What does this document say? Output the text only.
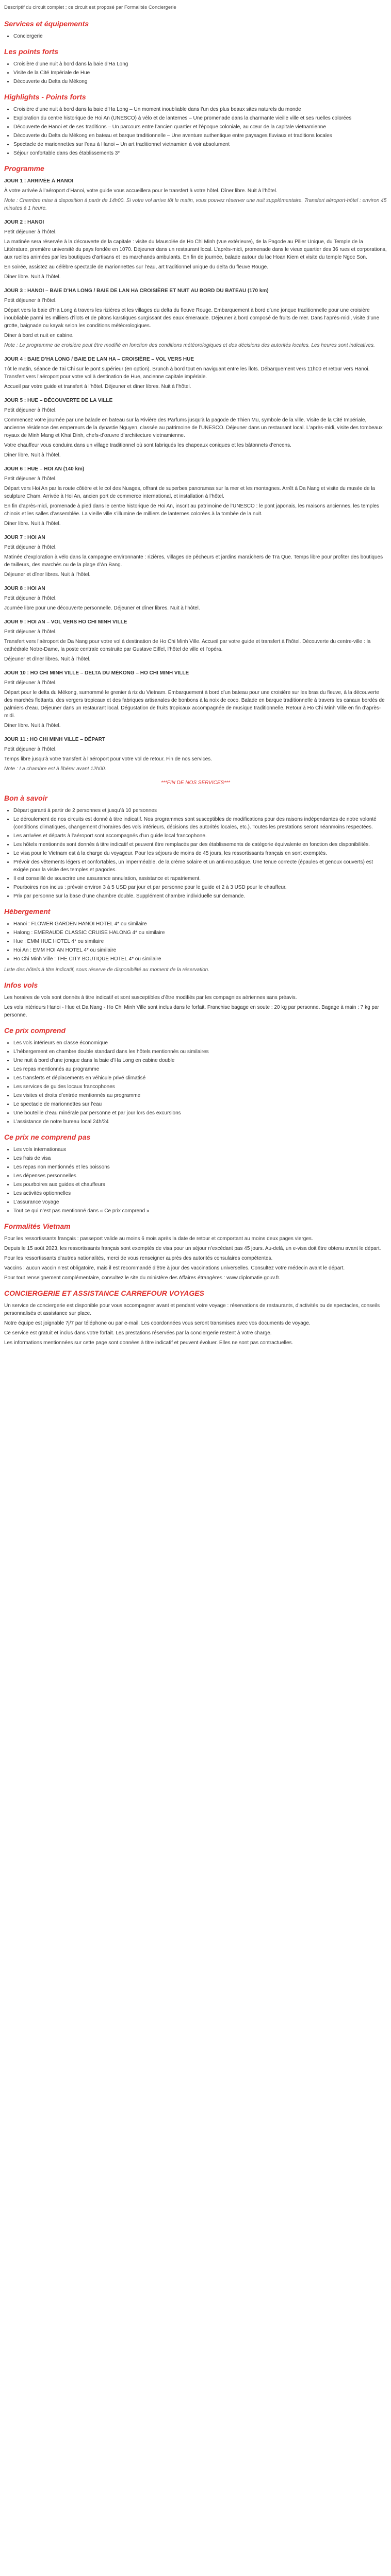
Descriptif du circuit complet ; ce circuit est proposé par Formalités Conciergerie

Services et équipements
• Conciergerie
Les points forts
• Croisière d’une nuit à bord dans la baie d’Ha Long
• Visite de la Cité Impériale de Hue
• Découverte du Delta du Mékong
Highlights - Points forts
• Croisière d’une nuit à bord dans la baie d’Ha Long – Un moment inoubliable dans l’un des plus beaux sites naturels du monde
• Exploration du centre historique de Hoi An (UNESCO) à vélo et de lanternes – Une promenade dans la charmante vieille ville et ses ruelles colorées
• Découverte de Hanoi et de ses traditions – Un parcours entre l’ancien quartier et l’époque coloniale, au cœur de la capitale vietnamienne
• Découverte du Delta du Mékong en bateau et barque traditionnelle – Une aventure authentique entre paysages fluviaux et traditions locales
• Spectacle de marionnettes sur l’eau à Hanoi – Un art traditionnel vietnamien à voir absolument
• Séjour confortable dans des établissements 3*
Programme

JOUR 1 : ARRIVÉE À HANOI

À votre arrivée à l’aéroport d’Hanoi, votre guide vous accueillera pour le transfert à votre hôtel. Dîner libre. Nuit à l’hôtel.

Note : Chambre mise à disposition à partir de 14h00. Si votre vol arrive tôt le matin, vous pouvez réserver une nuit supplémentaire. Transfert aéroport-hôtel : environ 45 minutes à 1 heure.

JOUR 2 : HANOI

Petit déjeuner à l’hôtel.

La matinée sera réservée à la découverte de la capitale : visite du Mausolée de Ho Chi Minh (vue extérieure), de la Pagode au Pilier Unique, du Temple de la Littérature, première université du pays fondée en 1070. Déjeuner dans un restaurant local. L’après-midi, promenade dans le vieux quartier des 36 rues et corporations, aux ruelles animées par les boutiques d’artisans et les marchands ambulants. En fin de journée, balade autour du lac Hoan Kiem et visite du temple Ngoc Son.

En soirée, assistez au célèbre spectacle de marionnettes sur l’eau, art traditionnel unique du delta du fleuve Rouge.

Dîner libre. Nuit à l’hôtel.

JOUR 3 : HANOI – BAIE D’HA LONG / BAIE DE LAN HA CROISIÈRE ET NUIT AU BORD DU BATEAU (170 km)

Petit déjeuner à l’hôtel.

Départ vers la baie d’Ha Long à travers les rizières et les villages du delta du fleuve Rouge. Embarquement à bord d’une jonque traditionnelle pour une croisière inoubliable parmi les milliers d’îlots et de pitons karstiques surgissant des eaux émeraude. Déjeuner à bord composé de fruits de mer. Dans l’après-midi, visite d’une grotte, baignade ou kayak selon les conditions météorologiques.

Dîner à bord et nuit en cabine.

Note : Le programme de croisière peut être modifié en fonction des conditions météorologiques et des décisions des autorités locales. Les heures sont indicatives.

JOUR 4 : BAIE D’HA LONG / BAIE DE LAN HA – CROISIÈRE – VOL VERS HUE

Tôt le matin, séance de Tai Chi sur le pont supérieur (en option). Brunch à bord tout en naviguant entre les îlots. Débarquement vers 11h00 et retour vers Hanoi. Transfert vers l’aéroport pour votre vol à destination de Hue, ancienne capitale impériale.

Accueil par votre guide et transfert à l’hôtel. Déjeuner et dîner libres. Nuit à l’hôtel.

JOUR 5 : HUE – DÉCOUVERTE DE LA VILLE

Petit déjeuner à l’hôtel.

Commencez votre journée par une balade en bateau sur la Rivière des Parfums jusqu’à la pagode de Thien Mu, symbole de la ville. Visite de la Cité Impériale, ancienne résidence des empereurs de la dynastie Nguyen, classée au patrimoine de l’UNESCO. Déjeuner dans un restaurant local. L’après-midi, visite des tombeaux royaux de Minh Mang et Khai Dinh, chefs-d’œuvre d’architecture vietnamienne.

Votre chauffeur vous conduira dans un village traditionnel où sont fabriqués les chapeaux coniques et les bâtonnets d’encens.

Dîner libre. Nuit à l’hôtel.

JOUR 6 : HUE – HOI AN (140 km)

Petit déjeuner à l’hôtel.

Départ vers Hoi An par la route côtière et le col des Nuages, offrant de superbes panoramas sur la mer et les montagnes. Arrêt à Da Nang et visite du musée de la sculpture Cham. Arrivée à Hoi An, ancien port de commerce international, et installation à l’hôtel.

En fin d’après-midi, promenade à pied dans le centre historique de Hoi An, inscrit au patrimoine de l’UNESCO : le pont japonais, les maisons anciennes, les temples chinois et les salles d’assemblée. La vieille ville s’illumine de milliers de lanternes colorées à la tombée de la nuit.

Dîner libre. Nuit à l’hôtel.

JOUR 7 : HOI AN

Petit déjeuner à l’hôtel.

Matinée d’exploration à vélo dans la campagne environnante : rizières, villages de pêcheurs et jardins maraîchers de Tra Que. Temps libre pour profiter des boutiques de tailleurs, des marchés ou de la plage d’An Bang.

Déjeuner et dîner libres. Nuit à l’hôtel.

JOUR 8 : HOI AN

Petit déjeuner à l’hôtel.

Journée libre pour une découverte personnelle. Déjeuner et dîner libres. Nuit à l’hôtel.

JOUR 9 : HOI AN – VOL VERS HO CHI MINH VILLE

Petit déjeuner à l’hôtel.

Transfert vers l’aéroport de Da Nang pour votre vol à destination de Ho Chi Minh Ville. Accueil par votre guide et transfert à l’hôtel. Découverte du centre-ville : la cathédrale Notre-Dame, la poste centrale construite par Gustave Eiffel, l’hôtel de ville et l’opéra.

Déjeuner et dîner libres. Nuit à l’hôtel.

JOUR 10 : HO CHI MINH VILLE – DELTA DU MÉKONG – HO CHI MINH VILLE

Petit déjeuner à l’hôtel.

Départ pour le delta du Mékong, surnommé le grenier à riz du Vietnam. Embarquement à bord d’un bateau pour une croisière sur les bras du fleuve, à la découverte des marchés flottants, des vergers tropicaux et des fabriques artisanales de bonbons à la noix de coco. Balade en barque traditionnelle à travers les canaux bordés de palmiers d’eau. Déjeuner dans un restaurant local. Dégustation de fruits tropicaux accompagnée de musique traditionnelle. Retour à Ho Chi Minh Ville en fin d’après-midi.

Dîner libre. Nuit à l’hôtel.

JOUR 11 : HO CHI MINH VILLE – DÉPART

Petit déjeuner à l’hôtel.

Temps libre jusqu’à votre transfert à l’aéroport pour votre vol de retour. Fin de nos services.

Note : La chambre est à libérer avant 12h00.

***FIN DE NOS SERVICES***

Bon à savoir
• Départ garanti à partir de 2 personnes et jusqu’à 10 personnes
• Le déroulement de nos circuits est donné à titre indicatif. Nos programmes sont susceptibles de modifications pour des raisons indépendantes de notre volonté (conditions climatiques, changement d’horaires des vols intérieurs, décisions des autorités locales, etc.). Toutes les prestations seront néanmoins respectées.
• Les arrivées et départs à l’aéroport sont accompagnés d’un guide local francophone.
• Les hôtels mentionnés sont donnés à titre indicatif et peuvent être remplacés par des établissements de catégorie équivalente en fonction des disponibilités.
• Le visa pour le Vietnam est à la charge du voyageur. Pour les séjours de moins de 45 jours, les ressortissants français en sont exemptés.
• Prévoir des vêtements légers et confortables, un imperméable, de la crème solaire et un anti-moustique. Une tenue correcte (épaules et genoux couverts) est exigée pour la visite des temples et pagodes.
• Il est conseillé de souscrire une assurance annulation, assistance et rapatriement.
• Pourboires non inclus : prévoir environ 3 à 5 USD par jour et par personne pour le guide et 2 à 3 USD pour le chauffeur.
• Prix par personne sur la base d’une chambre double. Supplément chambre individuelle sur demande.
Hébergement
• Hanoi : FLOWER GARDEN HANOI HOTEL 4* ou similaire
• Halong : EMERAUDE CLASSIC CRUISE HALONG 4* ou similaire
• Hue : EMM HUE HOTEL 4* ou similaire
• Hoi An : EMM HOI AN HOTEL 4* ou similaire
• Ho Chi Minh Ville : THE CITY BOUTIQUE HOTEL 4* ou similaire

Liste des hôtels à titre indicatif, sous réserve de disponibilité au moment de la réservation.

Infos vols

Les horaires de vols sont donnés à titre indicatif et sont susceptibles d’être modifiés par les compagnies aériennes sans préavis.

Les vols intérieurs Hanoi - Hue et Da Nang - Ho Chi Minh Ville sont inclus dans le forfait. Franchise bagage en soute : 20 kg par personne. Bagage à main : 7 kg par personne.

Ce prix comprend
• Les vols intérieurs en classe économique
• L’hébergement en chambre double standard dans les hôtels mentionnés ou similaires
• Une nuit à bord d’une jonque dans la baie d’Ha Long en cabine double
• Les repas mentionnés au programme
• Les transferts et déplacements en véhicule privé climatisé
• Les services de guides locaux francophones
• Les visites et droits d’entrée mentionnés au programme
• Le spectacle de marionnettes sur l’eau
• Une bouteille d’eau minérale par personne et par jour lors des excursions
• L’assistance de notre bureau local 24h/24
Ce prix ne comprend pas
• Les vols internationaux
• Les frais de visa
• Les repas non mentionnés et les boissons
• Les dépenses personnelles
• Les pourboires aux guides et chauffeurs
• Les activités optionnelles
• L’assurance voyage
• Tout ce qui n’est pas mentionné dans « Ce prix comprend »
Formalités Vietnam

Pour les ressortissants français : passeport valide au moins 6 mois après la date de retour et comportant au moins deux pages vierges.

Depuis le 15 août 2023, les ressortissants français sont exemptés de visa pour un séjour n’excédant pas 45 jours. Au-delà, un e-visa doit être obtenu avant le départ.

Pour les ressortissants d’autres nationalités, merci de vous renseigner auprès des autorités consulaires compétentes.

Vaccins : aucun vaccin n’est obligatoire, mais il est recommandé d’être à jour des vaccinations universelles. Consultez votre médecin avant le départ.

Pour tout renseignement complémentaire, consultez le site du ministère des Affaires étrangères : www.diplomatie.gouv.fr.

CONCIERGERIE ET ASSISTANCE CARREFOUR VOYAGES

Un service de conciergerie est disponible pour vous accompagner avant et pendant votre voyage : réservations de restaurants, d’activités ou de spectacles, conseils personnalisés et assistance sur place.

Notre équipe est joignable 7j/7 par téléphone ou par e-mail. Les coordonnées vous seront transmises avec vos documents de voyage.

Ce service est gratuit et inclus dans votre forfait. Les prestations réservées par la conciergerie restent à votre charge.

Les informations mentionnées sur cette page sont données à titre indicatif et peuvent évoluer. Elles ne sont pas contractuelles.
